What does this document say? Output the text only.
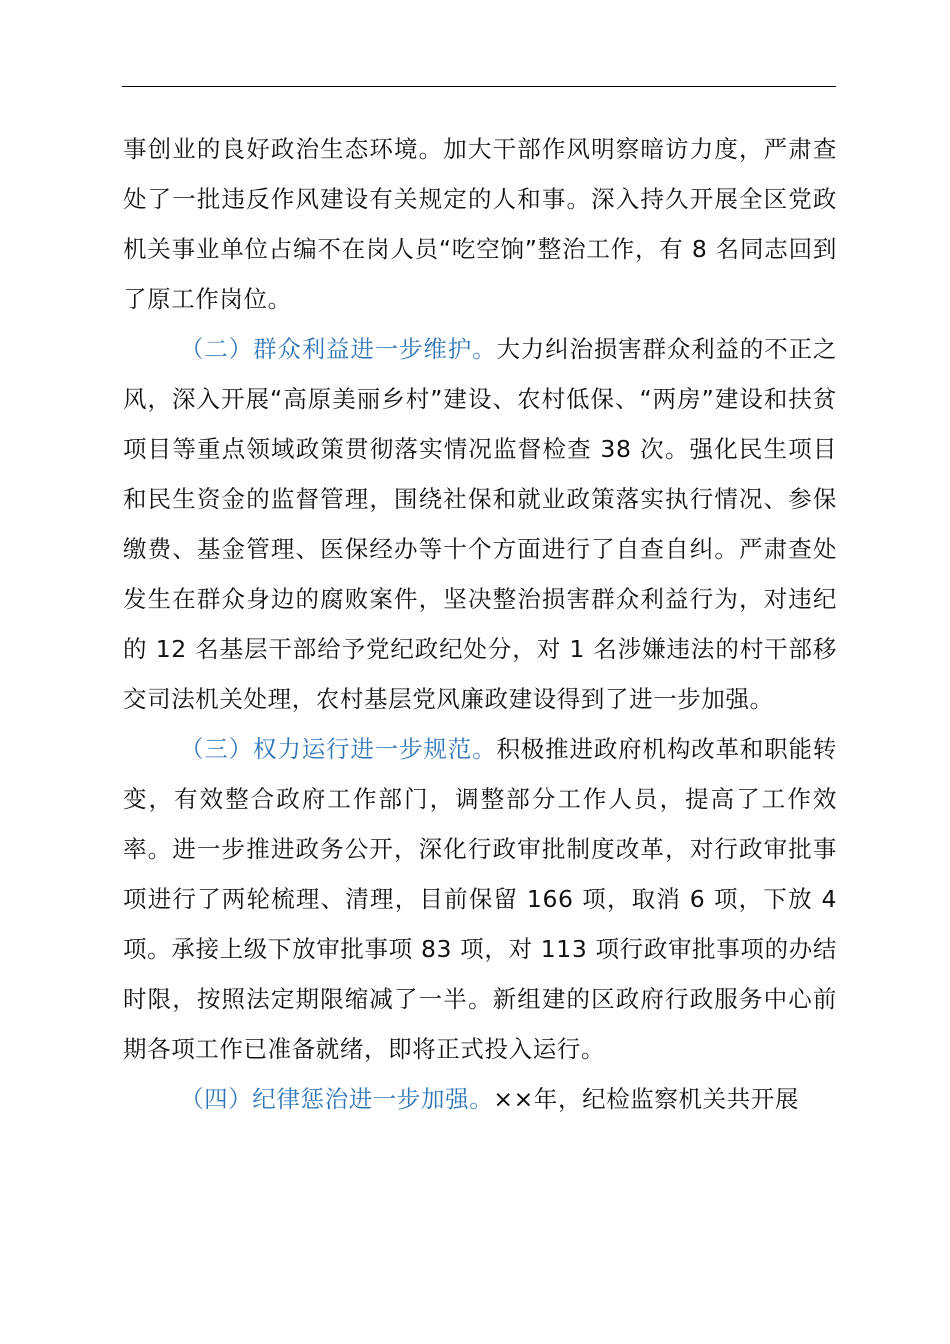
事创业的良好政治生态环境。加大干部作风明察暗访力度，严肃查处了一批违反作风建设有关规定的人和事。深入持久开展全区党政机关事业单位占编不在岗人员“吃空饷”整治工作，有 8 名同志回到了原工作岗位。

（二）群众利益进一步维护。大力纠治损害群众利益的不正之风，深入开展“高原美丽乡村”建设、农村低保、“两房”建设和扶贫项目等重点领域政策贯彻落实情况监督检查 38 次。强化民生项目和民生资金的监督管理，围绕社保和就业政策落实执行情况、参保缴费、基金管理、医保经办等十个方面进行了自查自纠。严肃查处发生在群众身边的腐败案件，坚决整治损害群众利益行为，对违纪的 12 名基层干部给予党纪政纪处分，对 1 名涉嫌违法的村干部移交司法机关处理，农村基层党风廉政建设得到了进一步加强。

（三）权力运行进一步规范。积极推进政府机构改革和职能转变，有效整合政府工作部门，调整部分工作人员，提高了工作效率。进一步推进政务公开，深化行政审批制度改革，对行政审批事项进行了两轮梳理、清理，目前保留 166 项，取消 6 项，下放 4 项。承接上级下放审批事项 83 项，对 113 项行政审批事项的办结时限，按照法定期限缩减了一半。新组建的区政府行政服务中心前期各项工作已准备就绪，即将正式投入运行。

（四）纪律惩治进一步加强。××年，纪检监察机关共开展
